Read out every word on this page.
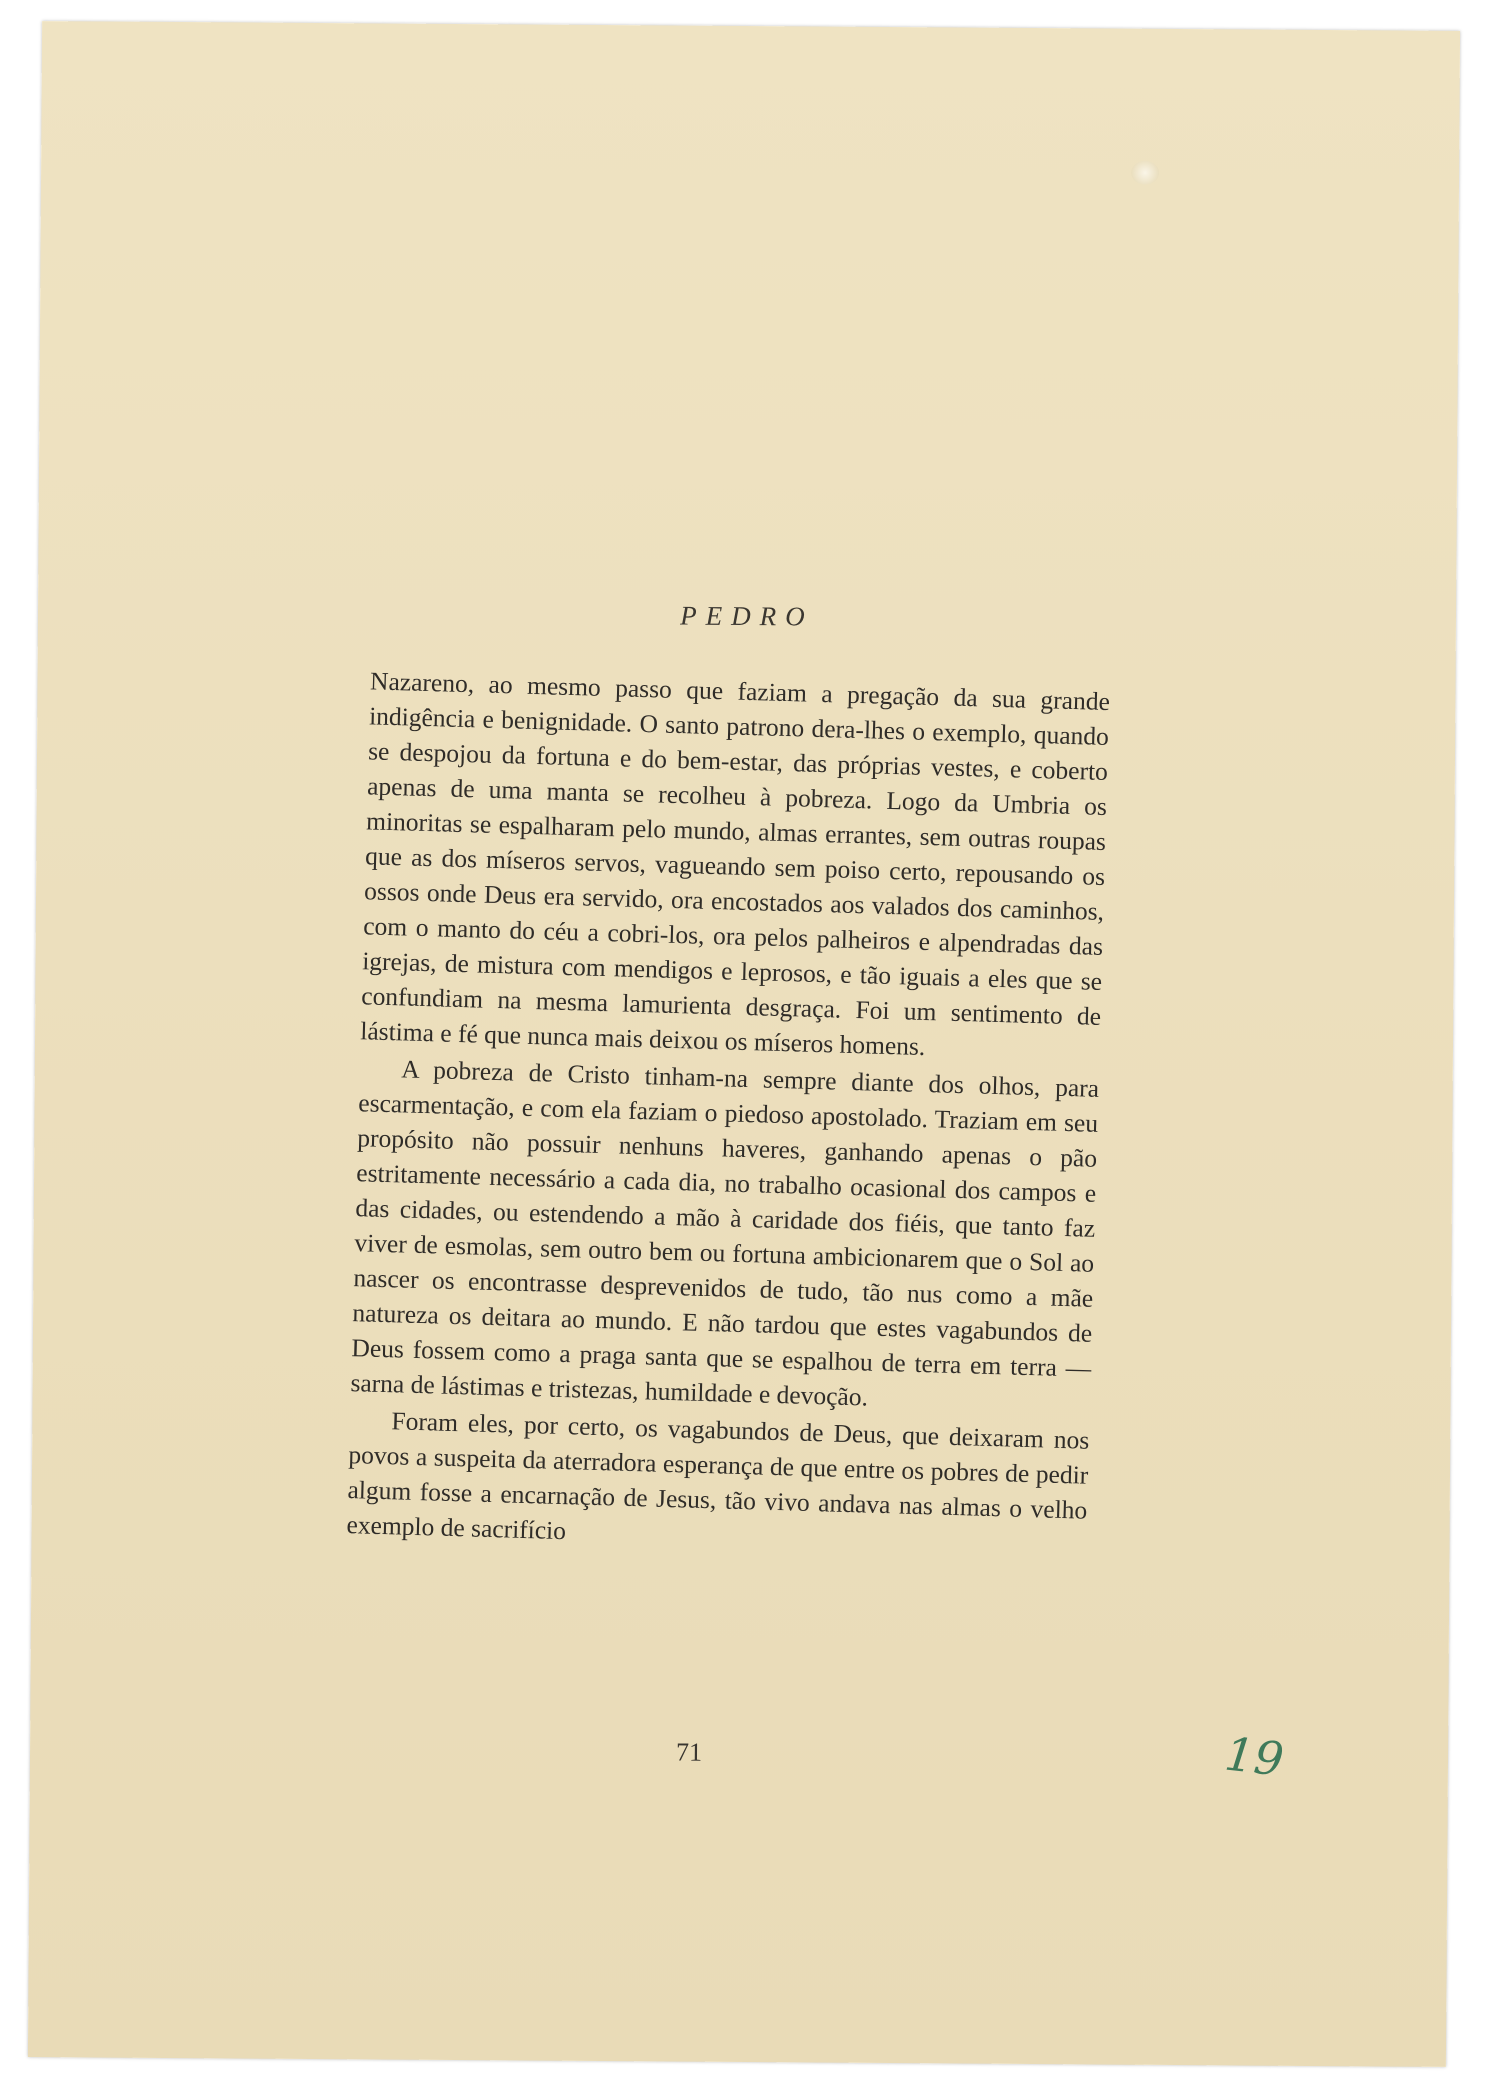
PEDRO

Nazareno, ao mesmo passo que faziam a pregação da sua grande indigência e benignidade. O santo patrono dera-lhes o exemplo, quando se despojou da fortuna e do bem-estar, das próprias vestes, e coberto apenas de uma manta se recolheu à pobreza. Logo da Umbria os minoritas se espalharam pelo mundo, almas errantes, sem outras roupas que as dos míseros servos, vagueando sem poiso certo, repousando os ossos onde Deus era servido, ora encostados aos valados dos caminhos, com o manto do céu a cobri-los, ora pelos palheiros e alpendradas das igrejas, de mistura com mendigos e leprosos, e tão iguais a eles que se confundiam na mesma lamurienta desgraça. Foi um sentimento de lástima e fé que nunca mais deixou os míseros homens.

A pobreza de Cristo tinham-na sempre diante dos olhos, para escarmentação, e com ela faziam o piedoso apostolado. Traziam em seu propósito não possuir nenhuns haveres, ganhando apenas o pão estritamente necessário a cada dia, no trabalho ocasional dos campos e das cidades, ou estendendo a mão à caridade dos fiéis, que tanto faz viver de esmolas, sem outro bem ou fortuna ambicionarem que o Sol ao nascer os encontrasse desprevenidos de tudo, tão nus como a mãe natureza os deitara ao mundo. E não tardou que estes vagabundos de Deus fossem como a praga santa que se espalhou de terra em terra — sarna de lástimas e tristezas, humildade e devoção.

Foram eles, por certo, os vagabundos de Deus, que deixaram nos povos a suspeita da aterradora esperança de que entre os pobres de pedir algum fosse a encarnação de Jesus, tão vivo andava nas almas o velho exemplo de sacrifício

71	19
